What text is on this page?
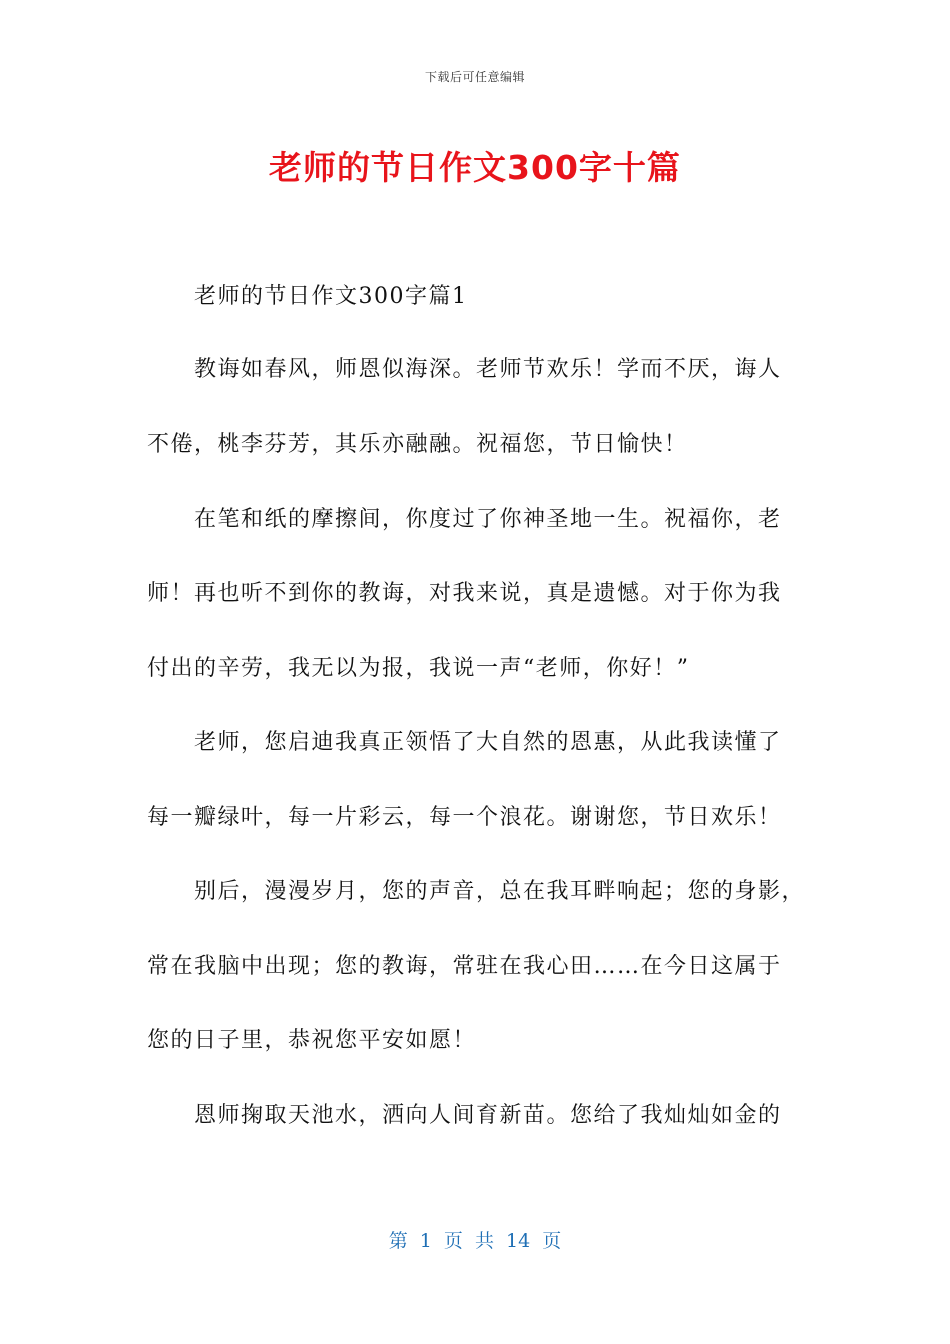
下载后可任意编辑
老师的节日作文300字十篇
老师的节日作文300字篇1
教诲如春风，师恩似海深。老师节欢乐！学而不厌，诲人
不倦，桃李芬芳，其乐亦融融。祝福您，节日愉快！
在笔和纸的摩擦间，你度过了你神圣地一生。祝福你，老
师！再也听不到你的教诲，对我来说，真是遗憾。对于你为我
付出的辛劳，我无以为报，我说一声“老师，你好！”
老师，您启迪我真正领悟了大自然的恩惠，从此我读懂了
每一瓣绿叶，每一片彩云，每一个浪花。谢谢您，节日欢乐！
别后，漫漫岁月，您的声音，总在我耳畔响起；您的身影，
常在我脑中出现；您的教诲，常驻在我心田……在今日这属于
您的日子里，恭祝您平安如愿！
恩师掬取天池水，洒向人间育新苗。您给了我灿灿如金的
第 1 页 共 14 页
